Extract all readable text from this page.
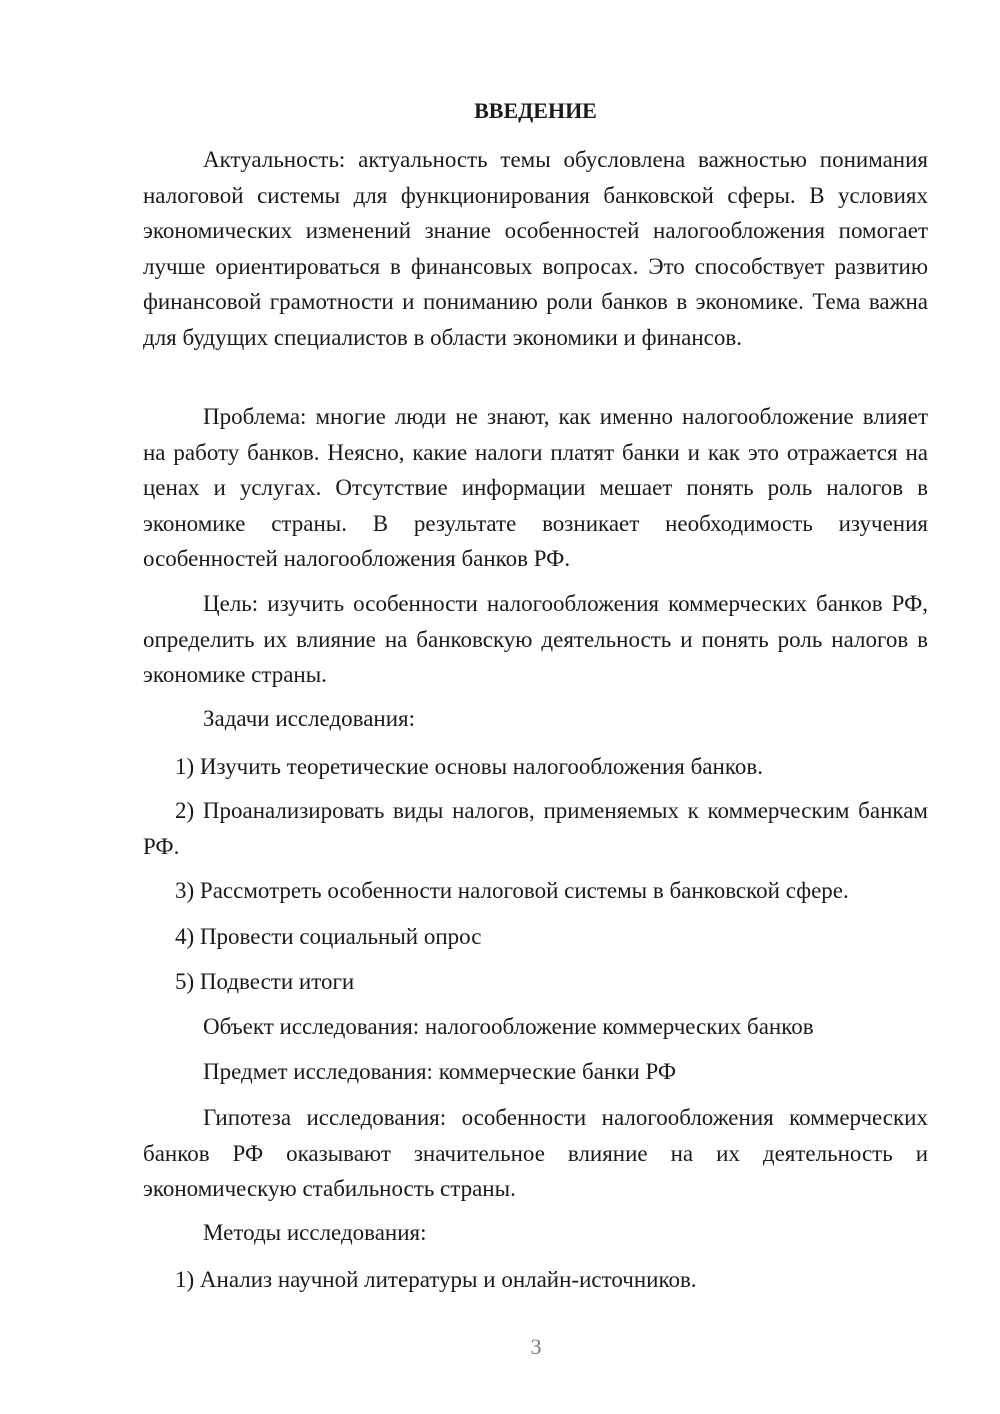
ВВЕДЕНИЕ

Актуальность: актуальность темы обусловлена важностью понимания налоговой системы для функционирования банковской сферы. В условиях экономических изменений знание особенностей налогообложения помогает лучше ориентироваться в финансовых вопросах. Это способствует развитию финансовой грамотности и пониманию роли банков в экономике. Тема важна для будущих специалистов в области экономики и финансов.

Проблема: многие люди не знают, как именно налогообложение влияет на работу банков. Неясно, какие налоги платят банки и как это отражается на ценах и услугах. Отсутствие информации мешает понять роль налогов в экономике страны. В результате возникает необходимость изучения особенностей налогообложения банков РФ.

Цель: изучить особенности налогообложения коммерческих банков РФ, определить их влияние на банковскую деятельность и понять роль налогов в экономике страны.

Задачи исследования:

1) Изучить теоретические основы налогообложения банков.

2) Проанализировать виды налогов, применяемых к коммерческим банкам РФ.

3) Рассмотреть особенности налоговой системы в банковской сфере.

4) Провести социальный опрос

5) Подвести итоги

Объект исследования: налогообложение коммерческих банков

Предмет исследования: коммерческие банки РФ

Гипотеза исследования: особенности налогообложения коммерческих банков РФ оказывают значительное влияние на их деятельность и экономическую стабильность страны.

Методы исследования:

1) Анализ научной литературы и онлайн-источников.

3
